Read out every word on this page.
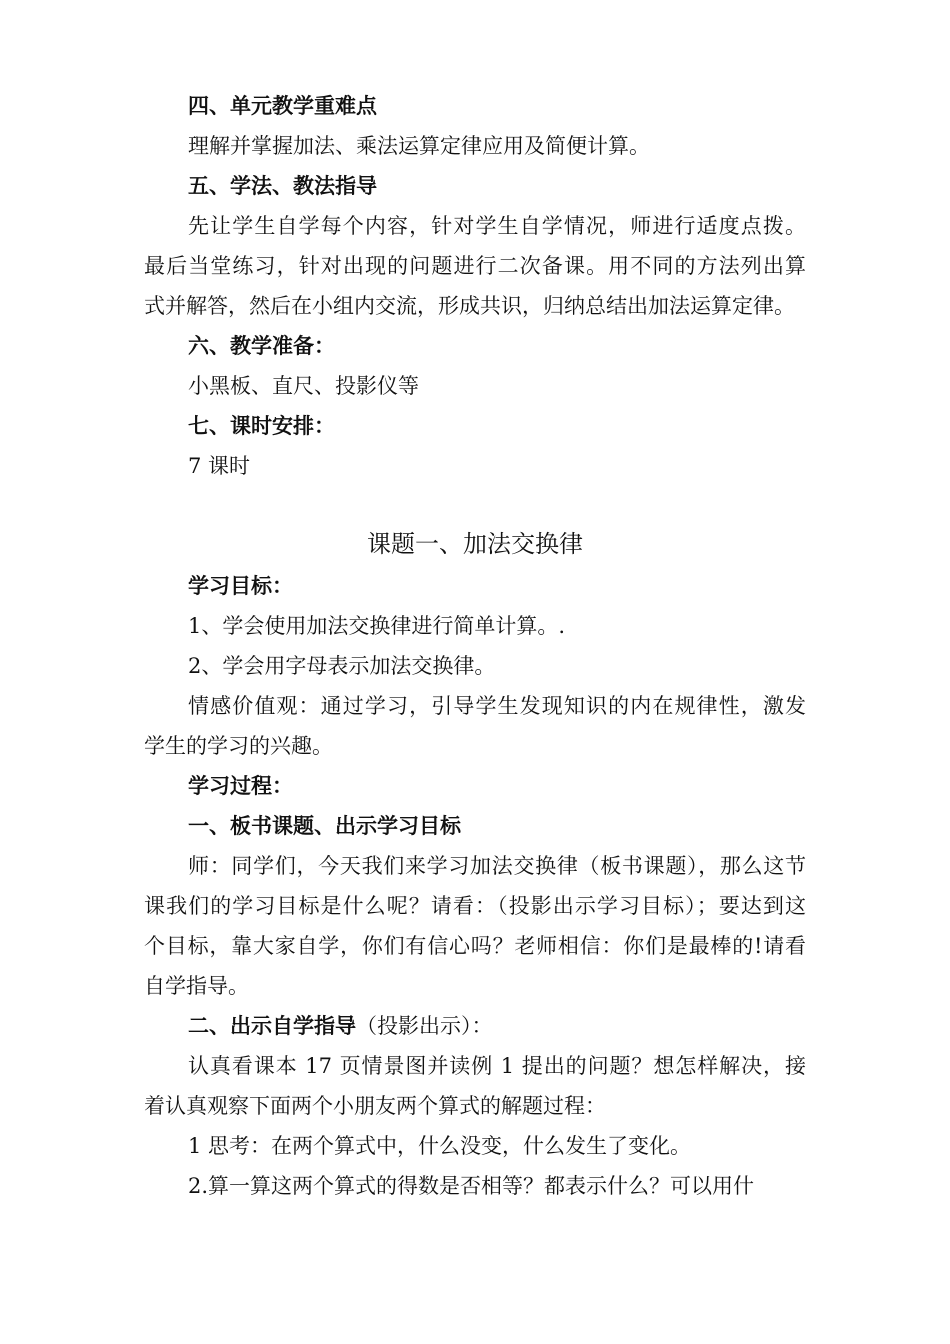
四、单元教学重难点
理解并掌握加法、乘法运算定律应用及简便计算。
五、学法、教法指导
先让学生自学每个内容，针对学生自学情况，师进行适度点拨。
最后当堂练习，针对出现的问题进行二次备课。用不同的方法列出算
式并解答，然后在小组内交流，形成共识，归纳总结出加法运算定律。
六、教学准备：
小黑板、直尺、投影仪等
七、课时安排：
7 课时
课题一、加法交换律
学习目标：
1、学会使用加法交换律进行简单计算。.
2、学会用字母表示加法交换律。
情感价值观：通过学习，引导学生发现知识的内在规律性，激发
学生的学习的兴趣。
学习过程：
一、板书课题、出示学习目标
师：同学们，今天我们来学习加法交换律（板书课题），那么这节
课我们的学习目标是什么呢？请看：（投影出示学习目标）；要达到这
个目标，靠大家自学，你们有信心吗？老师相信：你们是最棒的!请看
自学指导。
二、出示自学指导（投影出示）：
认真看课本 17 页情景图并读例 1 提出的问题？想怎样解决，接
着认真观察下面两个小朋友两个算式的解题过程：
1 思考：在两个算式中，什么没变，什么发生了变化。
2.算一算这两个算式的得数是否相等？都表示什么？可以用什
